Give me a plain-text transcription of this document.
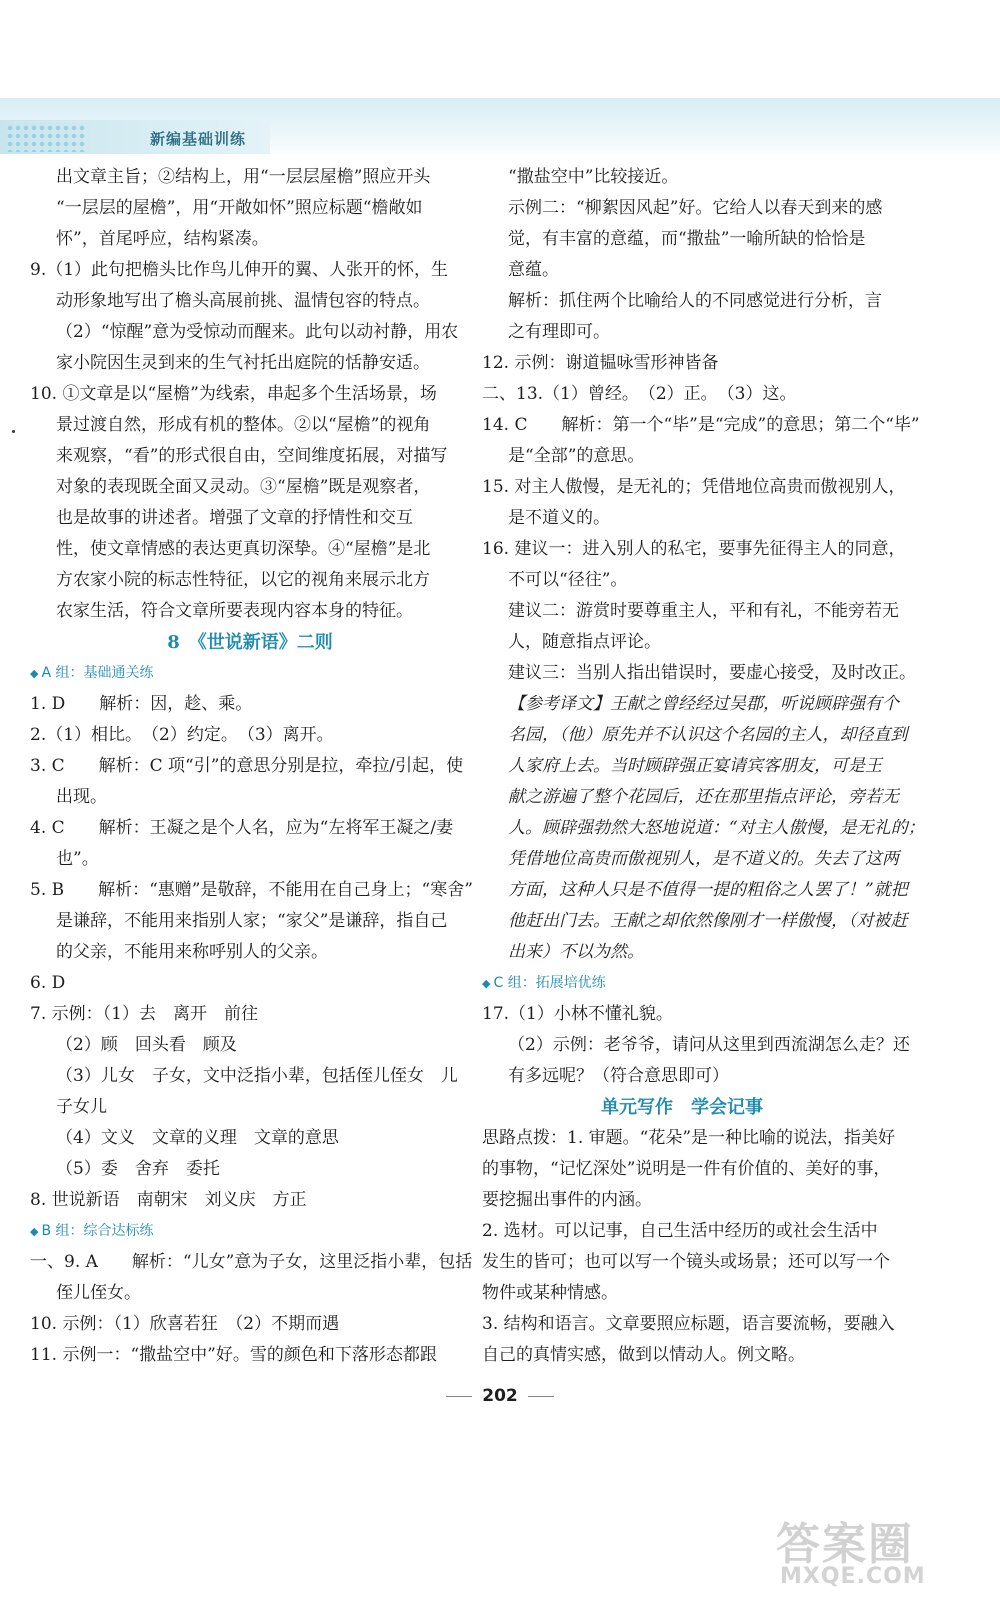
新编基础训练

出文章主旨；②结构上，用“一层层屋檐”照应开头

“一层层的屋檐”，用“开敞如怀”照应标题“檐敞如

怀”，首尾呼应，结构紧凑。

9.（1）此句把檐头比作鸟儿伸开的翼、人张开的怀，生

动形象地写出了檐头高展前挑、温情包容的特点。

（2）“惊醒”意为受惊动而醒来。此句以动衬静，用农

家小院因生灵到来的生气衬托出庭院的恬静安适。

10. ①文章是以“屋檐”为线索，串起多个生活场景，场

景过渡自然，形成有机的整体。②以“屋檐”的视角

来观察，“看”的形式很自由，空间维度拓展，对描写

对象的表现既全面又灵动。③“屋檐”既是观察者，

也是故事的讲述者。增强了文章的抒情性和交互

性，使文章情感的表达更真切深挚。④“屋檐”是北

方农家小院的标志性特征，以它的视角来展示北方

农家生活，符合文章所要表现内容本身的特征。

8　《世说新语》二则

◆ A 组：基础通关练

1. D　　解析：因，趁、乘。

2.（1）相比。　（2）约定。　（3）离开。

3. C　　解析：C 项“引”的意思分别是拉，牵拉/引起，使

出现。

4. C　　解析：王凝之是个人名，应为“左将军王凝之/妻

也”。

5. B　　解析：“惠赠”是敬辞，不能用在自己身上；“寒舍”

是谦辞，不能用来指别人家；“家父”是谦辞，指自己

的父亲，不能用来称呼别人的父亲。

6. D

7. 示例：（1）去　离开　前往

（2）顾　回头看　顾及

（3）儿女　子女，文中泛指小辈，包括侄儿侄女　儿

子女儿

（4）文义　文章的义理　文章的意思

（5）委　舍弃　委托

8. 世说新语　南朝宋　刘义庆　方正

◆ B 组：综合达标练

一、9. A　　解析：“儿女”意为子女，这里泛指小辈，包括

侄儿侄女。

10. 示例：（1）欣喜若狂　（2）不期而遇

11. 示例一：“撒盐空中”好。雪的颜色和下落形态都跟

“撒盐空中”比较接近。

示例二：“柳絮因风起”好。它给人以春天到来的感

觉，有丰富的意蕴，而“撒盐”一喻所缺的恰恰是

意蕴。

解析：抓住两个比喻给人的不同感觉进行分析，言

之有理即可。

12. 示例：谢道韫咏雪形神皆备

二、13.（1）曾经。　（2）正。　（3）这。

14. C　　解析：第一个“毕”是“完成”的意思；第二个“毕”

是“全部”的意思。

15. 对主人傲慢，是无礼的；凭借地位高贵而傲视别人，

是不道义的。

16. 建议一：进入别人的私宅，要事先征得主人的同意，

不可以“径往”。

建议二：游赏时要尊重主人，平和有礼，不能旁若无

人，随意指点评论。

建议三：当别人指出错误时，要虚心接受，及时改正。

【参考译文】王献之曾经经过吴郡，听说顾辟强有个

名园，（他）原先并不认识这个名园的主人，却径直到

人家府上去。当时顾辟强正宴请宾客朋友，可是王

献之游遍了整个花园后，还在那里指点评论，旁若无

人。顾辟强勃然大怒地说道：“对主人傲慢，是无礼的；

凭借地位高贵而傲视别人，是不道义的。失去了这两

方面，这种人只是不值得一提的粗俗之人罢了！”就把

他赶出门去。王献之却依然像刚才一样傲慢，（对被赶

出来）不以为然。

◆ C 组：拓展培优练

17.（1）小林不懂礼貌。

（2）示例：老爷爷，请问从这里到西流湖怎么走？还

有多远呢？（符合意思即可）

单元写作　学会记事

思路点拨：1. 审题。“花朵”是一种比喻的说法，指美好

的事物，“记忆深处”说明是一件有价值的、美好的事，

要挖掘出事件的内涵。

2. 选材。可以记事，自己生活中经历的或社会生活中

发生的皆可；也可以写一个镜头或场景；还可以写一个

物件或某种情感。

3. 结构和语言。文章要照应标题，语言要流畅，要融入

自己的真情实感，做到以情动人。例文略。

202
答案圈
MXQE.COM
